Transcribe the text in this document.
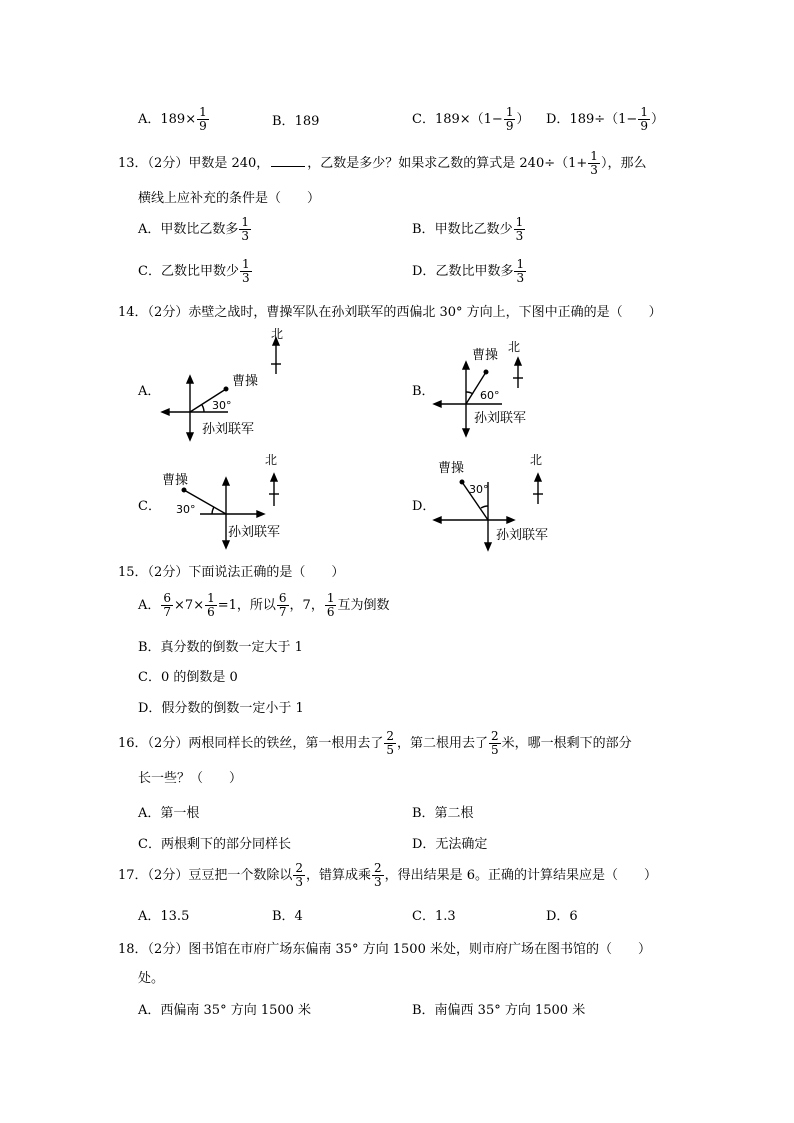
A．$189\times \frac{1}{9}$	B．189	C．$189\times(1- \frac{1}{9}$ ） D．$189\div(1- \frac{1}{9}$ ）
13．（2分）甲数是 240，	，乙数是多少？如果求乙数的算式是 $240\div(1+ \frac{1}{3}$ ），那么
横线上应补充的条件是（　　）
A．甲数比乙数多 $\frac{1}{3}$	B．甲数比乙数少 $\frac{1}{3}$
C．乙数比甲数少 $\frac{1}{3}$	D．乙数比甲数多 $\frac{1}{3}$
14．（2分）赤壁之战时，曹操军队在孙刘联军的西偏北 30° 方向上，下图中正确的是（　　）
A．
北
曹操
30°
孙刘联军
B．
北
曹操
60°
孙刘联军
C．
北
曹操
30°
孙刘联军
D．
北
曹操
30°
孙刘联军
15．（2分）下面说法正确的是（　　）
A． $\frac{6}{7} \times 7\times \frac{1}{6} =1$，所以 $\frac{6}{7}$ ，7， $\frac{1}{6}$ 互为倒数
B．真分数的倒数一定大于 1
C．0 的倒数是 0
D．假分数的倒数一定小于 1
16．（2分）两根同样长的铁丝，第一根用去了 $\frac{2}{5}$ ，第二根用去了 $\frac{2}{5}$ 米，哪一根剩下的部分
长一些？（　　）
A．第一根	B．第二根
C．两根剩下的部分同样长	D．无法确定
17．（2分）豆豆把一个数除以 $\frac{2}{3}$ ，错算成乘 $\frac{2}{3}$ ，得出结果是 6。正确的计算结果应是（　　）
A．13.5	B．4	C．1.3	D．6
18．（2分）图书馆在市府广场东偏南 35° 方向 1500 米处，则市府广场在图书馆的（　　）
处。
A．西偏南 35° 方向 1500 米	B．南偏西 35° 方向 1500 米
